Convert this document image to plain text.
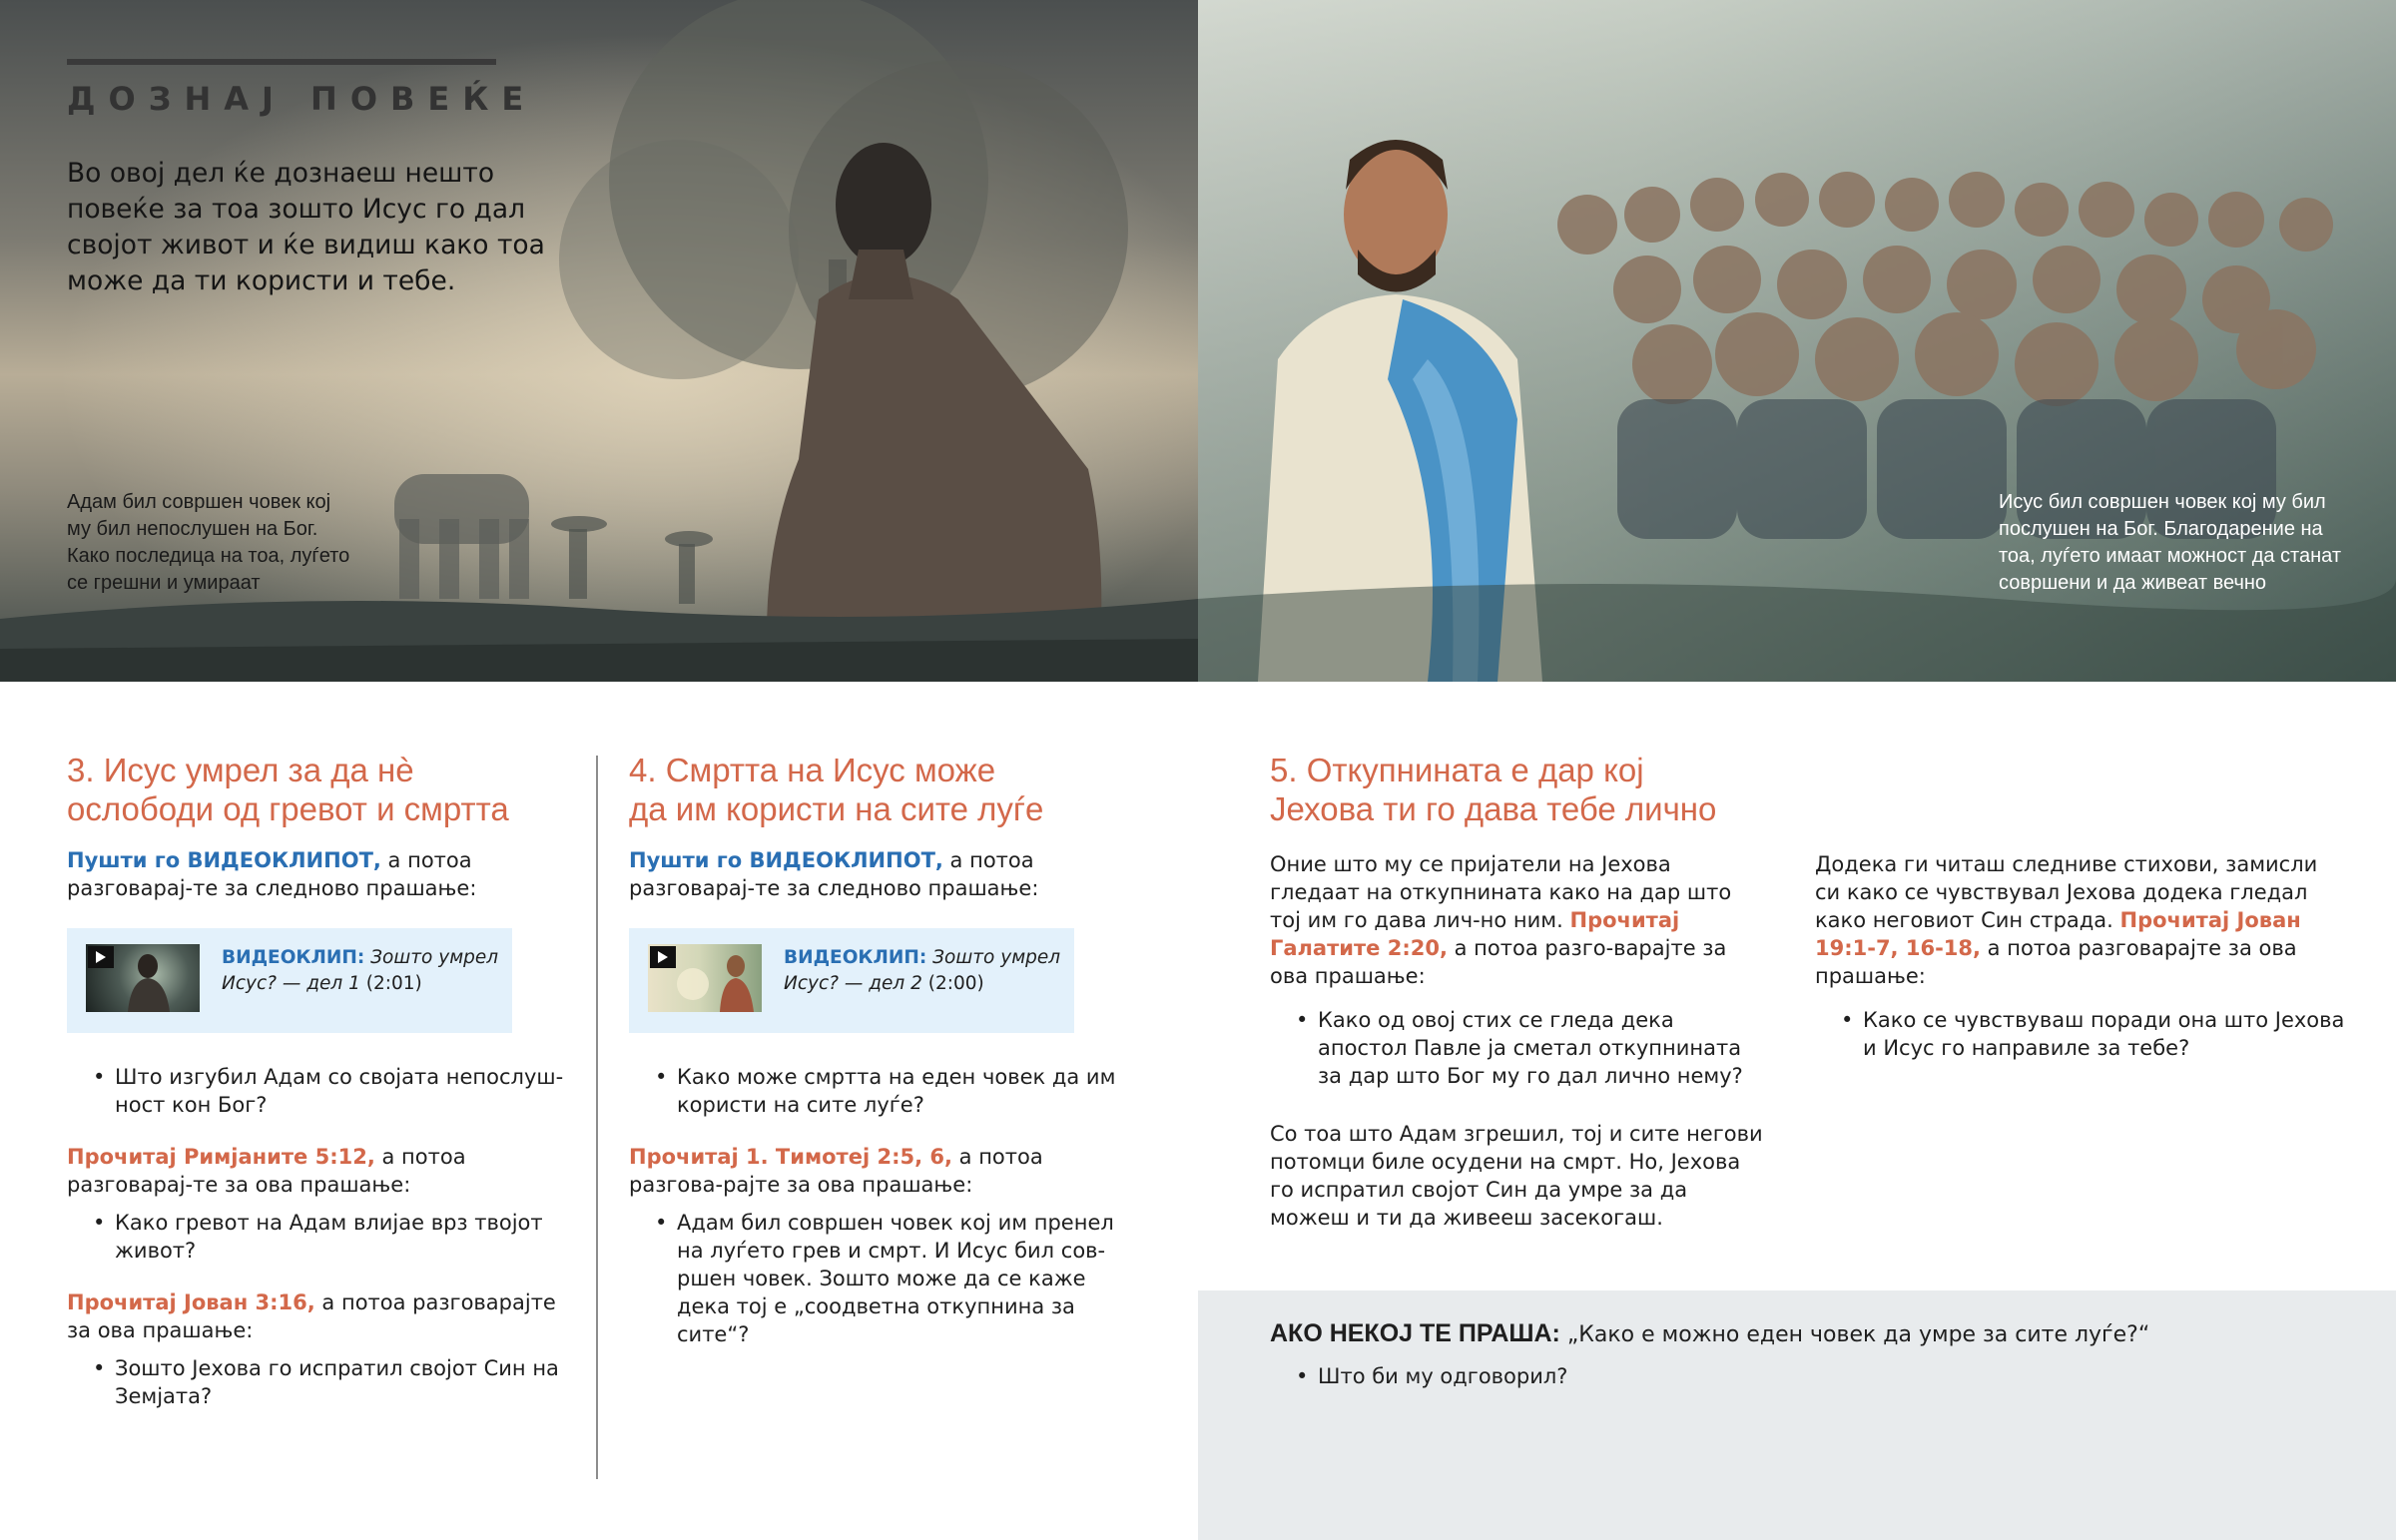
ДОЗНАЈ ПОВЕЌЕ

Во овој дел ќе дознаеш нешто повеќе за тоа зошто Исус го дал својот живот и ќе видиш како тоа може да ти користи и тебе.

Адам бил совршен човек кој му бил непослушен на Бог. Како последица на тоа, луѓето се грешни и умираат
Исус бил совршен човек кој му бил послушен на Бог. Благодарение на тоа, луѓето имаат можност да станат совршени и да живеат вечно
3. Исус умрел за да нè
ослободи од гревот и смртта

Пушти го ВИДЕОКЛИПОТ, а потоа разговарај-те за следново прашање:

ВИДЕОКЛИП: Зошто умрел Исус? — дел 1 (2:01)
• Што изгубил Адам со својата непослуш-ност кон Бог?

Прочитај Римјаните 5:12, а потоа разговарај-те за ова прашање:

• Како гревот на Адам влијае врз твојот живот?

Прочитај Јован 3:16, а потоа разговарајте за ова прашање:

• Зошто Јехова го испратил својот Син на Земјата?
4. Смртта на Исус може
да им користи на сите луѓе

Пушти го ВИДЕОКЛИПОТ, а потоа разговарај-те за следново прашање:

ВИДЕОКЛИП: Зошто умрел Исус? — дел 2 (2:00)
• Како може смртта на еден човек да им користи на сите луѓе?

Прочитај 1. Тимотеј 2:5, 6, а потоа разгова-рајте за ова прашање:

• Адам бил совршен човек кој им пренел на луѓето грев и смрт. И Исус бил сов-ршен човек. Зошто може да се каже дека тој е „соодветна откупнина за сите“?
5. Откупнината е дар кој
Јехова ти го дава тебе лично

Оние што му се пријатели на Јехова гледаат на откупнината како на дар што тој им го дава лич-но ним. Прочитај Галатите 2:20, а потоа разго-варајте за ова прашање:

• Како од овој стих се гледа дека апостол Павле ја сметал откупнината за дар што Бог му го дал лично нему?

Со тоа што Адам згрешил, тој и сите негови потомци биле осудени на смрт. Но, Јехова го испратил својот Син да умре за да можеш и ти да живееш засекогаш.

Додека ги читаш следниве стихови, замисли си како се чувствувал Јехова додека гледал како неговиот Син страда. Прочитај Јован 19:1-7, 16-18, а потоа разговарајте за ова прашање:

• Како се чувствуваш поради она што Јехова и Исус го направиле за тебе?
АКО НЕКОЈ ТЕ ПРАША: „Како е можно еден човек да умре за сите луѓе?“
• Што би му одговорил?
